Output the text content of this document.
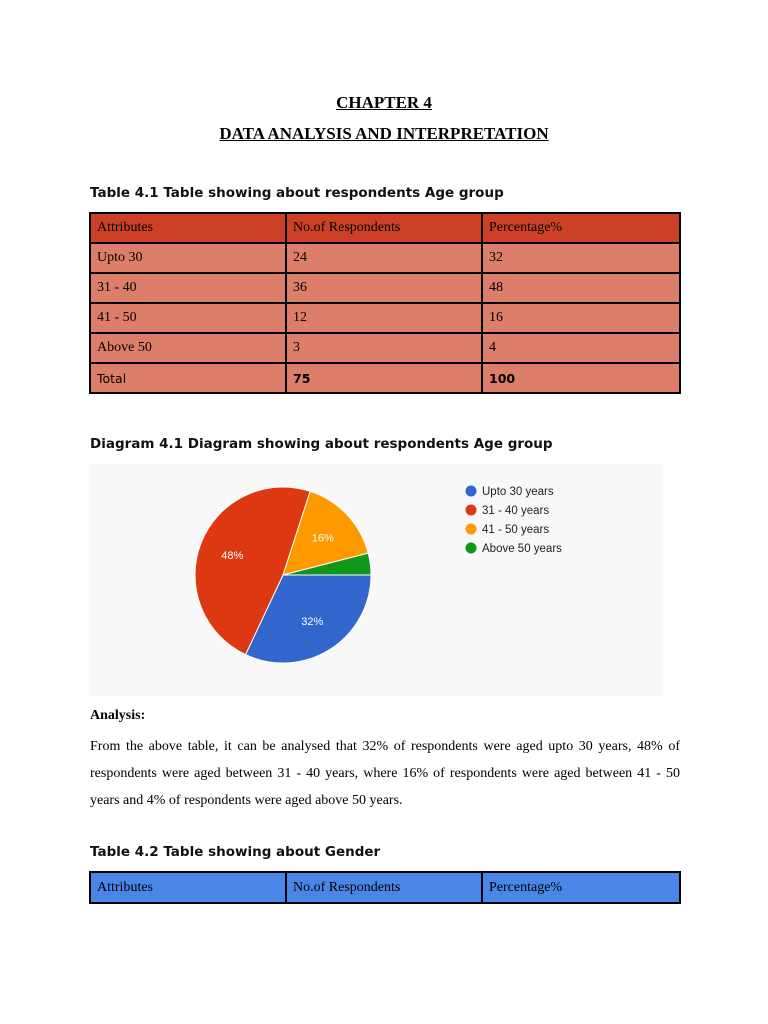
CHAPTER 4
DATA ANALYSIS AND INTERPRETATION
Table 4.1 Table showing about respondents Age group
Attributes	No.of Respondents	Percentage%
Upto 30	24	32
31 - 40	36	48
41 - 50	12	16
Above 50	3	4
Total	75	100
Diagram 4.1 Diagram showing about respondents Age group
32%
48%
16%
Upto 30 years
31 - 40 years
41 - 50 years
Above 50 years
Analysis:
From the above table, it can be analysed that 32% of respondents were aged upto 30 years, 48% of respondents were aged between 31 - 40 years, where 16% of respondents were aged between 41 - 50 years and 4% of respondents were aged above 50 years.
Table 4.2 Table showing about Gender
Attributes	No.of Respondents	Percentage%
